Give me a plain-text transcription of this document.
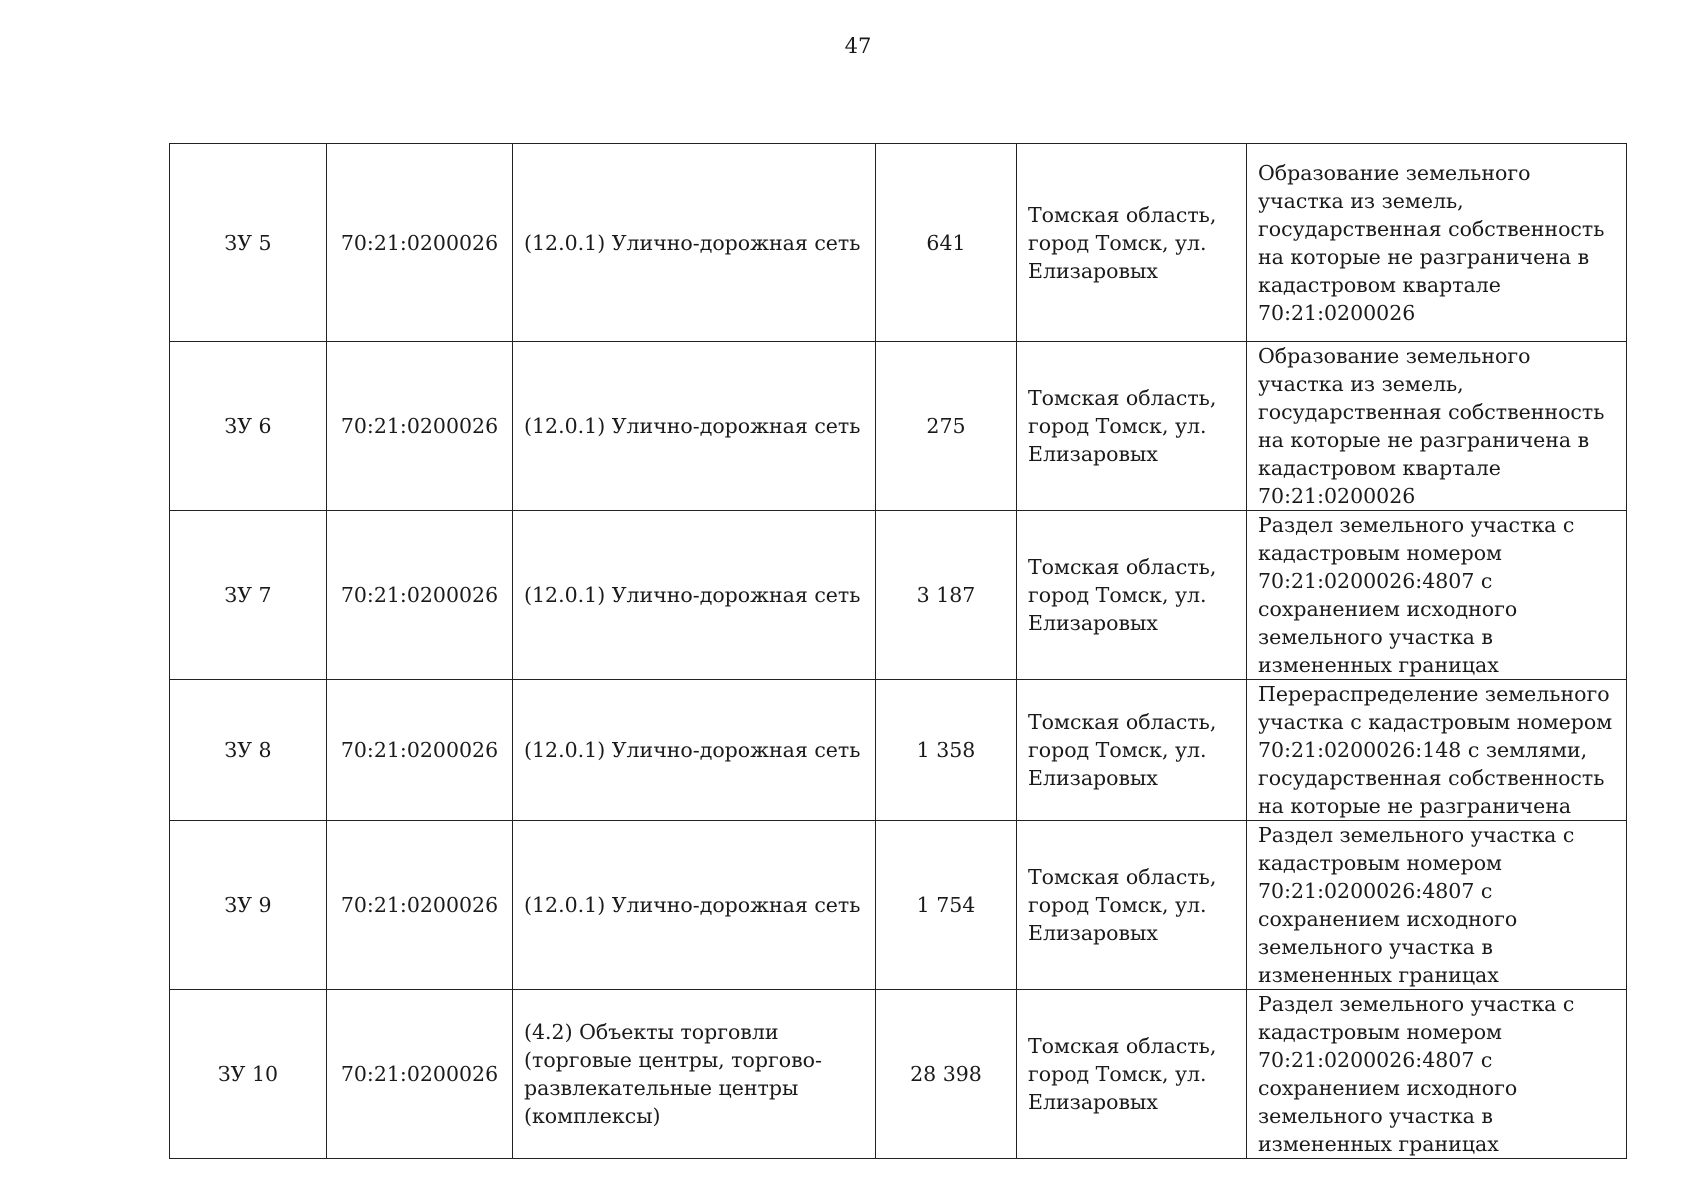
47
ЗУ 5	70:21:0200026	(12.0.1) Улично-дорожная сеть	641	Томская область, город Томск, ул. Елизаровых	Образование земельного участка из земель, государственная собственность на которые не разграничена в кадастровом квартале 70:21:0200026
ЗУ 6	70:21:0200026	(12.0.1) Улично-дорожная сеть	275	Томская область, город Томск, ул. Елизаровых	Образование земельного участка из земель, государственная собственность на которые не разграничена в кадастровом квартале 70:21:0200026
ЗУ 7	70:21:0200026	(12.0.1) Улично-дорожная сеть	3 187	Томская область, город Томск, ул. Елизаровых	Раздел земельного участка с кадастровым номером 70:21:0200026:4807 с сохранением исходного земельного участка в измененных границах
ЗУ 8	70:21:0200026	(12.0.1) Улично-дорожная сеть	1 358	Томская область, город Томск, ул. Елизаровых	Перераспределение земельного участка с кадастровым номером 70:21:0200026:148 с землями, государственная собственность на которые не разграничена
ЗУ 9	70:21:0200026	(12.0.1) Улично-дорожная сеть	1 754	Томская область, город Томск, ул. Елизаровых	Раздел земельного участка с кадастровым номером 70:21:0200026:4807 с сохранением исходного земельного участка в измененных границах
ЗУ 10	70:21:0200026	(4.2) Объекты торговли (торговые центры, торгово-развлекательные центры (комплексы)	28 398	Томская область, город Томск, ул. Елизаровых	Раздел земельного участка с кадастровым номером 70:21:0200026:4807 с сохранением исходного земельного участка в измененных границах
